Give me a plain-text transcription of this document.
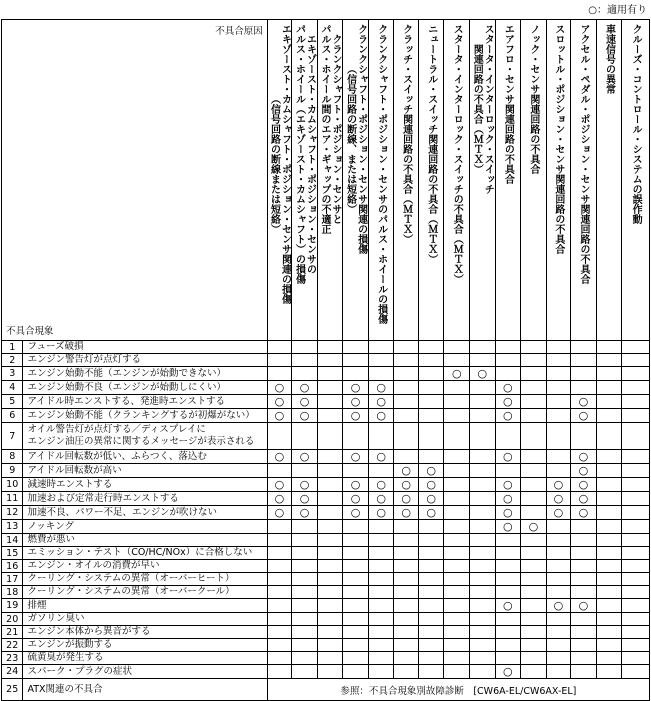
○：適用有り
不具合原因
不具合現象		エキゾースト・カムシャフト・ポジション・センサ関連の損傷
（信号回路の断線または短絡）	エキゾースト・カムシャフト・ポジション・センサの
パルス・ホイール（エキゾースト・カムシャフト）の損傷	クランクシャフト・ポジション・センサと
パルス・ホイール間のエア・ギャップの不適正	クランクシャフト・ポジション・センサ関連の損傷
（信号回路の断線、または短絡）	クランクシャフト・ポジション・センサのパルス・ホイールの損傷	クラッチ・スイッチ関連回路の不具合（ＭＴＸ）	ニュートラル・スイッチ関連回路の不具合（ＭＴＸ）	スタータ・インターロック・スイッチの不具合（ＭＴＸ）	スタータ・インターロック・スイッチ
関連回路の不具合（ＭＴＸ）	エアフロ・センサ関連回路の不具合	ノック・センサ関連回路の不具合	スロットル・ポジション・センサ関連回路の不具合	アクセル・ペダル・ポジション・センサ関連回路の不具合	車速信号の異常	クルーズ・コントロール・システムの誤作動

1	フューズ破損															
2	エンジン警告灯が点灯する															
3	エンジン始動不能（エンジンが始動できない）								○	○						
4	エンジン始動不良（エンジンが始動しにくい）	○	○		○	○					○					
5	アイドル時エンストする、発進時エンストする	○	○		○	○					○			○		
6	エンジン始動不能（クランキングするが初爆がない）	○	○		○	○					○			○		
7	オイル警告灯が点灯する／ディスプレイに
エンジン油圧の異常に関するメッセージが表示される															
8	アイドル回転数が低い、ふらつく、落込む	○	○		○	○					○			○		
9	アイドル回転数が高い						○	○						○		
10	減速時エンストする	○	○		○	○	○	○			○		○	○		
11	加速および定常走行時エンストする	○	○		○	○	○	○			○		○	○		
12	加速不良、パワー不足、エンジンが吹けない	○	○		○	○	○	○			○		○	○		
13	ノッキング										○	○				
14	燃費が悪い															
15	エミッション・テスト（CO/HC/NOx）に合格しない															
16	エンジン・オイルの消費が早い															
17	クーリング・システムの異常（オーバーヒート）															
18	クーリング・システムの異常（オーバークール）															
19	排煙										○		○	○		
20	ガソリン臭い															
21	エンジン本体から異音がする															
22	エンジンが振動する															
23	硫黄臭が発生する															
24	スパーク・プラグの症状										○					
25	ATX関連の不具合	参照：不具合現象別故障診断　[CW6A-EL/CW6AX-EL]														
